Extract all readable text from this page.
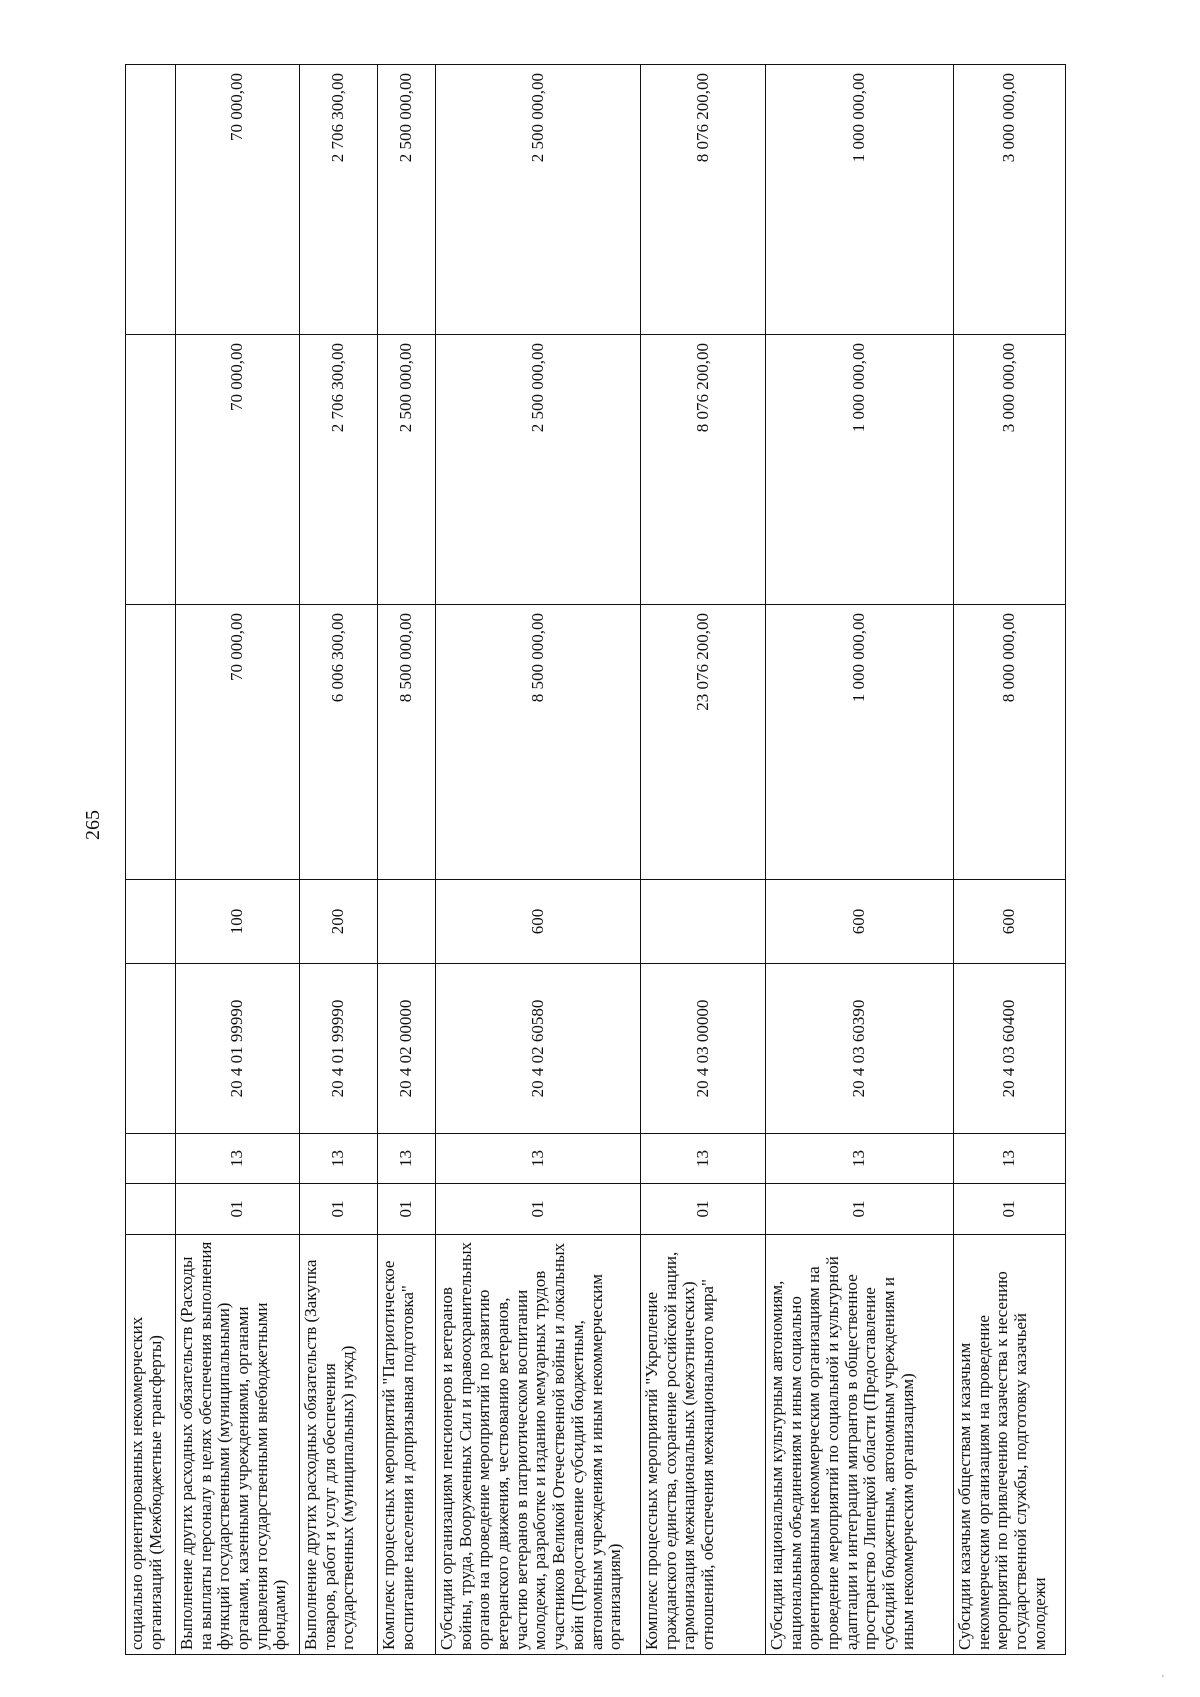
265
социально ориентированных некоммерческих организаций (Межбюджетные трансферты)							
Выполнение других расходных обязательств (Расходы на выплаты персоналу в целях обеспечения выполнения функций государственными (муниципальными) органами, казенными учреждениями, органами управления государственными внебюджетными фондами)	01	13	20 4 01 99990	100	70 000,00	70 000,00	70 000,00
Выполнение других расходных обязательств (Закупка товаров, работ и услуг для обеспечения государственных (муниципальных) нужд)	01	13	20 4 01 99990	200	6 006 300,00	2 706 300,00	2 706 300,00
Комплекс процессных мероприятий "Патриотическое воспитание населения и допризывная подготовка"	01	13	20 4 02 00000		8 500 000,00	2 500 000,00	2 500 000,00
Субсидии организациям пенсионеров и ветеранов войны, труда, Вооруженных Сил и правоохранительных органов на проведение мероприятий по развитию ветеранского движения, чествованию ветеранов, участию ветеранов в патриотическом воспитании молодежи, разработке и изданию мемуарных трудов участников Великой Отечественной войны и локальных войн (Предоставление субсидий бюджетным, автономным учреждениям и иным некоммерческим организациям)	01	13	20 4 02 60580	600	8 500 000,00	2 500 000,00	2 500 000,00
Комплекс процессных мероприятий "Укрепление гражданского единства, сохранение российской нации, гармонизация межнациональных (межэтнических) отношений, обеспечения межнационального мира"	01	13	20 4 03 00000		23 076 200,00	8 076 200,00	8 076 200,00
Субсидии национальным культурным автономиям, национальным объединениям и иным социально ориентированным некоммерческим организациям на проведение мероприятий по социальной и культурной адаптации и интеграции мигрантов в общественное пространство Липецкой области (Предоставление субсидий бюджетным, автономным учреждениям и иным некоммерческим организациям)	01	13	20 4 03 60390	600	1 000 000,00	1 000 000,00	1 000 000,00
Субсидии казачьим обществам и казачьим некоммерческим организациям на проведение мероприятий по привлечению казачества к несению государственной службы, подготовку казачьей молодежи	01	13	20 4 03 60400	600	8 000 000,00	3 000 000,00	3 000 000,00
'
